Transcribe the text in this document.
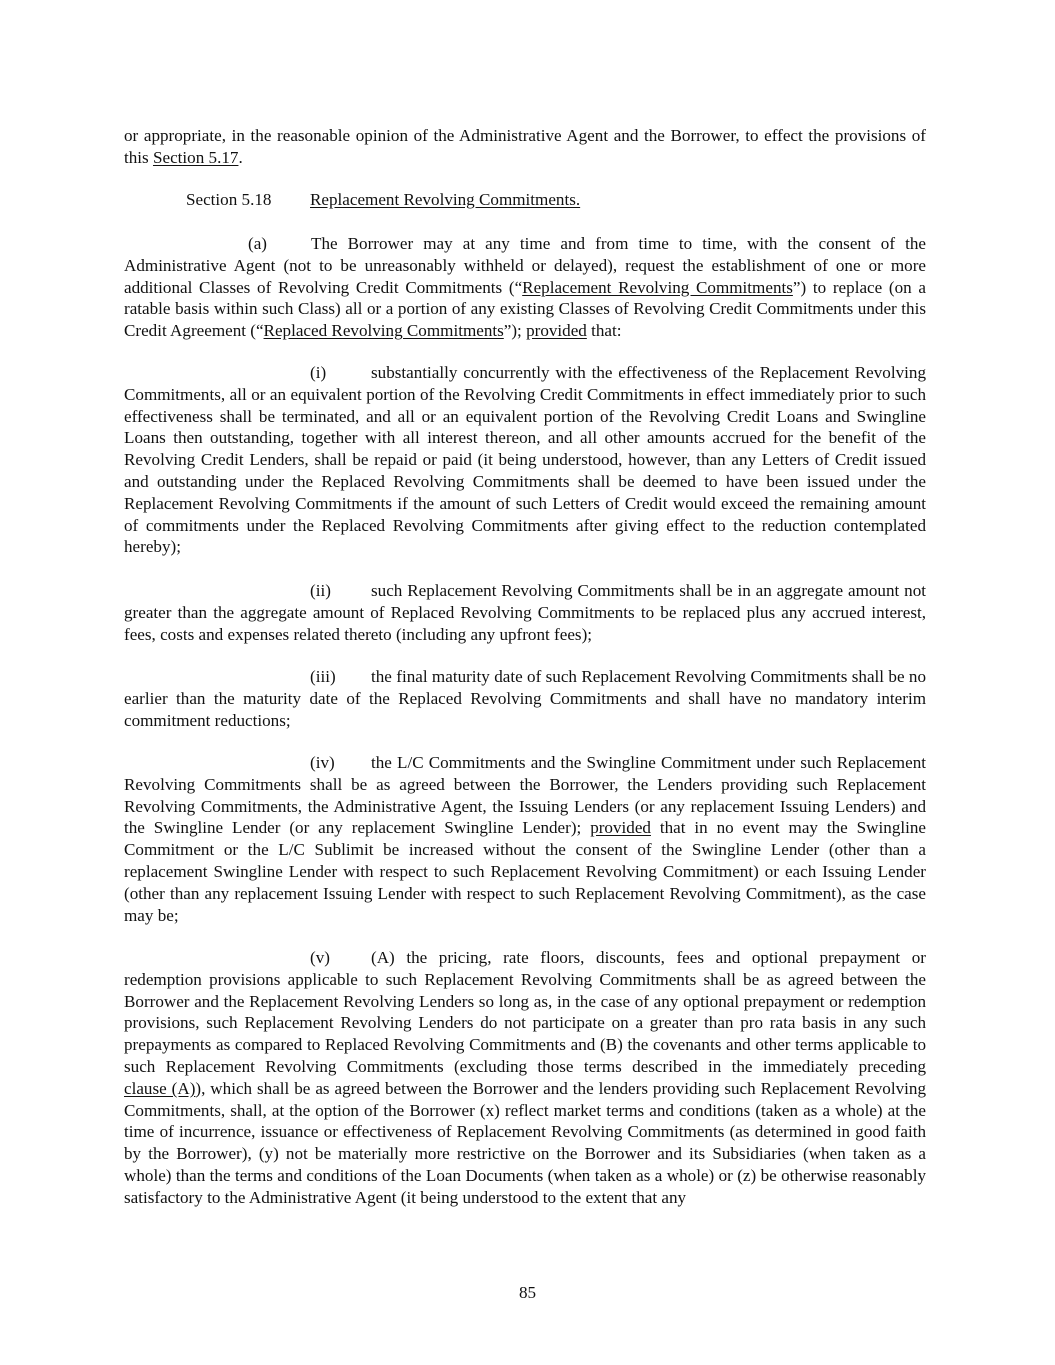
or appropriate, in the reasonable opinion of the Administrative Agent and the Borrower, to effect the provisions of this Section 5.17.

Section 5.18 Replacement Revolving Commitments.

(a)	The Borrower may at any time and from time to time, with the consent of the Administrative Agent (not to be unreasonably withheld or delayed), request the establishment of one or more additional Classes of Revolving Credit Commitments (“Replacement Revolving Commitments”) to replace (on a ratable basis within such Class) all or a portion of any existing Classes of Revolving Credit Commitments under this Credit Agreement (“Replaced Revolving Commitments”); provided that:

(i)	substantially concurrently with the effectiveness of the Replacement Revolving Commitments, all or an equivalent portion of the Revolving Credit Commitments in effect immediately prior to such effectiveness shall be terminated, and all or an equivalent portion of the Revolving Credit Loans and Swingline Loans then outstanding, together with all interest thereon, and all other amounts accrued for the benefit of the Revolving Credit Lenders, shall be repaid or paid (it being understood, however, than any Letters of Credit issued and outstanding under the Replaced Revolving Commitments shall be deemed to have been issued under the Replacement Revolving Commitments if the amount of such Letters of Credit would exceed the remaining amount of commitments under the Replaced Revolving Commitments after giving effect to the reduction contemplated hereby);

(ii) such Replacement Revolving Commitments shall be in an aggregate amount not greater than the aggregate amount of Replaced Revolving Commitments to be replaced plus any accrued interest, fees, costs and expenses related thereto (including any upfront fees);

(iii) the final maturity date of such Replacement Revolving Commitments shall be no earlier than the maturity date of the Replaced Revolving Commitments and shall have no mandatory interim commitment reductions;

(iv) the L/C Commitments and the Swingline Commitment under such Replacement Revolving Commitments shall be as agreed between the Borrower, the Lenders providing such Replacement Revolving Commitments, the Administrative Agent, the Issuing Lenders (or any replacement Issuing Lenders) and the Swingline Lender (or any replacement Swingline Lender); provided that in no event may the Swingline Commitment or the L/C Sublimit be increased without the consent of the Swingline Lender (other than a replacement Swingline Lender with respect to such Replacement Revolving Commitment) or each Issuing Lender (other than any replacement Issuing Lender with respect to such Replacement Revolving Commitment), as the case may be;

(v) (A) the pricing, rate floors, discounts, fees and optional prepayment or redemption provisions applicable to such Replacement Revolving Commitments shall be as agreed between the Borrower and the Replacement Revolving Lenders so long as, in the case of any optional prepayment or redemption provisions, such Replacement Revolving Lenders do not participate on a greater than pro rata basis in any such prepayments as compared to Replaced Revolving Commitments and (B) the covenants and other terms applicable to such Replacement Revolving Commitments (excluding those terms described in the immediately preceding clause (A)), which shall be as agreed between the Borrower and the lenders providing such Replacement Revolving Commitments, shall, at the option of the Borrower (x) reflect market terms and conditions (taken as a whole) at the time of incurrence, issuance or effectiveness of Replacement Revolving Commitments (as determined in good faith by the Borrower), (y) not be materially more restrictive on the Borrower and its Subsidiaries (when taken as a whole) than the terms and conditions of the Loan Documents (when taken as a whole) or (z) be otherwise reasonably satisfactory to the Administrative Agent (it being understood to the extent that any

85
